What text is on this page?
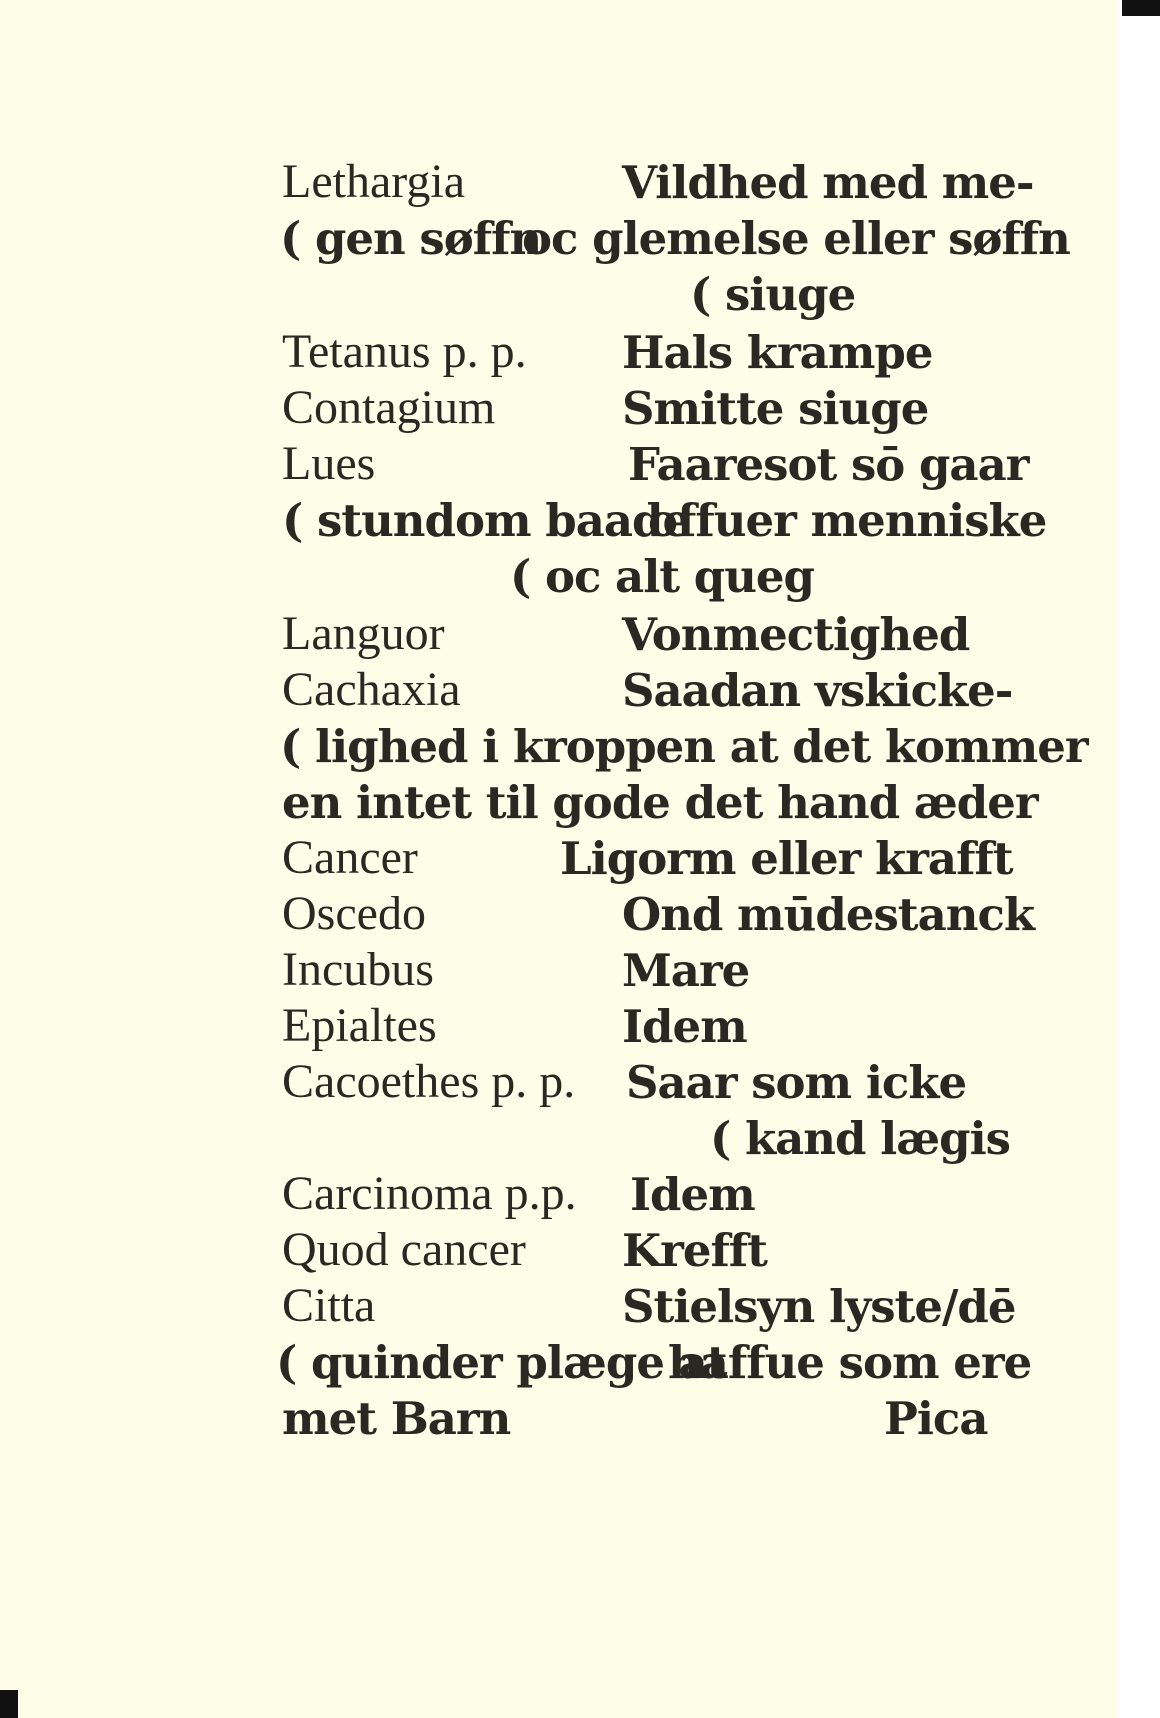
Lethargia	Vildhed med me-
( gen søffn
oc glemelse eller søffn
( siuge
Tetanus p. p. Hals krampe
Contagium	Smitte siuge
Lues	Faaresot sō gaar
( stundom baade
offuer menniske
( oc alt queg
Languor	Vonmectighed
Cachaxia	Saadan vskicke-
( lighed i kroppen at det kommer
en intet til gode det hand æder
Cancer	Ligorm eller krafft
Oscedo	Ond mūdestanck
Incubus	Mare
Epialtes	Idem
Cacoethes p. p. Saar som icke
( kand lægis
Carcinoma p.p. Idem
Quod cancer Krefft
Citta	Stielsyn lyste/dē
( quinder plæge at
haffue som ere
met Barn	Pica
